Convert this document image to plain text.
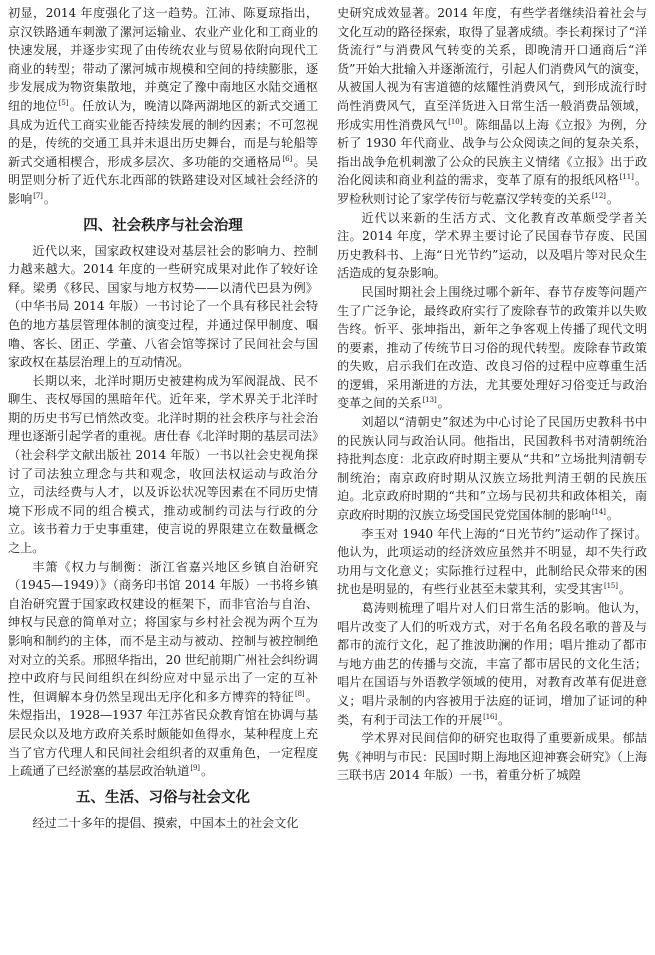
初显，2014 年度强化了这一趋势。江沛、陈夏琼指出，京汉铁路通车刺激了漯河运输业、农业产业化和工商业的快速发展，并逐步实现了由传统农业与贸易依附向现代工商业的转型；带动了漯河城市规模和空间的持续膨胀，逐步发展成为物资集散地，并奠定了豫中南地区水陆交通枢纽的地位[5]。任放认为，晚清以降两湖地区的新式交通工具成为近代工商实业能否持续发展的制约因素；不可忽视的是，传统的交通工具并未退出历史舞台，而是与轮船等新式交通相楔合，形成多层次、多功能的交通格局[6]。吴明罡则分析了近代东北西部的铁路建设对区域社会经济的影响[7]。

四、社会秩序与社会治理

近代以来，国家政权建设对基层社会的影响力、控制力越来越大。2014 年度的一些研究成果对此作了较好诠释。梁勇《移民、国家与地方权势——以清代巴县为例》（中华书局 2014 年版）一书讨论了一个具有移民社会特色的地方基层管理体制的演变过程，并通过保甲制度、啯噜、客长、团正、学董、八省会馆等探讨了民间社会与国家政权在基层治理上的互动情况。

长期以来，北洋时期历史被建构成为军阀混战、民不聊生、丧权辱国的黑暗年代。近年来，学术界关于北洋时期的历史书写已悄然改变。北洋时期的社会秩序与社会治理也逐渐引起学者的重视。唐仕春《北洋时期的基层司法》（社会科学文献出版社 2014 年版）一书以社会史视角探讨了司法独立理念与共和观念，收回法权运动与政治分立，司法经费与人才，以及诉讼状况等因素在不同历史情境下形成不同的组合模式，推动或制约司法与行政的分立。该书着力于史事重建，使言说的界限建立在数量概念之上。

丰箫《权力与制衡：浙江省嘉兴地区乡镇自治研究（1945—1949）》（商务印书馆 2014 年版）一书将乡镇自治研究置于国家政权建设的框架下，而非官治与自治、绅权与民意的简单对立；将国家与乡村社会视为两个互为影响和制约的主体，而不是主动与被动、控制与被控制绝对对立的关系。邢照华指出，20 世纪前期广州社会纠纷调控中政府与民间组织在纠纷应对中显示出了一定的互补性，但调解本身仍然呈现出无序化和多方博弈的特征[8]。朱煜指出，1928—1937 年江苏省民众教育馆在协调与基层民众以及地方政府关系时颇能如鱼得水，某种程度上充当了官方代理人和民间社会组织者的双重角色，一定程度上疏通了已经淤塞的基层政治轨道[9]。

五、生活、习俗与社会文化

经过二十多年的提倡、摸索，中国本土的社会文化

史研究成效显著。2014 年度，有些学者继续沿着社会与文化互动的路径探索，取得了显著成绩。李长莉探讨了“洋货流行”与消费风气转变的关系，即晚清开口通商后“洋货”开始大批输入并逐渐流行，引起人们消费风气的演变，从被国人视为有害道德的炫耀性消费风气，到形成流行时尚性消费风气，直至洋货进入日常生活一般消费品领域，形成实用性消费风气[10]。陈细晶以上海《立报》为例，分析了 1930 年代商业、战争与公众阅读之间的复杂关系，指出战争危机刺激了公众的民族主义情绪《立报》出于政治化阅读和商业利益的需求，变革了原有的报纸风格[11]。罗检秋则讨论了家学传衍与乾嘉汉学转变的关系[12]。

近代以来新的生活方式、文化教育改革颇受学者关注。2014 年度，学术界主要讨论了民国春节存废、民国历史教科书、上海“日光节约”运动，以及唱片等对民众生活造成的复杂影响。

民国时期社会上围绕过哪个新年、春节存废等问题产生了广泛争论，最终政府实行了废除春节的政策并以失败告终。忻平、张坤指出，新年之争客观上传播了现代文明的要素，推动了传统节日习俗的现代转型。废除春节政策的失败，启示我们在改造、改良习俗的过程中应尊重生活的逻辑，采用渐进的方法，尤其要处理好习俗变迁与政治变革之间的关系[13]。

刘超以“清朝史”叙述为中心讨论了民国历史教科书中的民族认同与政治认同。他指出，民国教科书对清朝统治持批判态度：北京政府时期主要从“共和”立场批判清朝专制统治；南京政府时期从汉族立场批判清王朝的民族压迫。北京政府时期的“共和”立场与民初共和政体相关，南京政府时期的汉族立场受国民党党国体制的影响[14]。

李玉对 1940 年代上海的“日光节约”运动作了探讨。他认为，此项运动的经济效应虽然并不明显，却不失行政功用与文化意义；实际推行过程中，此制给民众带来的困扰也是明显的，有些行业甚至未蒙其利，实受其害[15]。

葛涛则梳理了唱片对人们日常生活的影响。他认为，唱片改变了人们的听戏方式，对于名角名段名歌的普及与都市的流行文化，起了推波助澜的作用；唱片推动了都市与地方曲艺的传播与交流，丰富了都市居民的文化生活；唱片在国语与外语教学领域的使用，对教育改革有促进意义；唱片录制的内容被用于法庭的证词，增加了证词的种类，有利于司法工作的开展[16]。

学术界对民间信仰的研究也取得了重要新成果。郁喆隽《神明与市民：民国时期上海地区迎神赛会研究》（上海三联书店 2014 年版）一书，着重分析了城隍
